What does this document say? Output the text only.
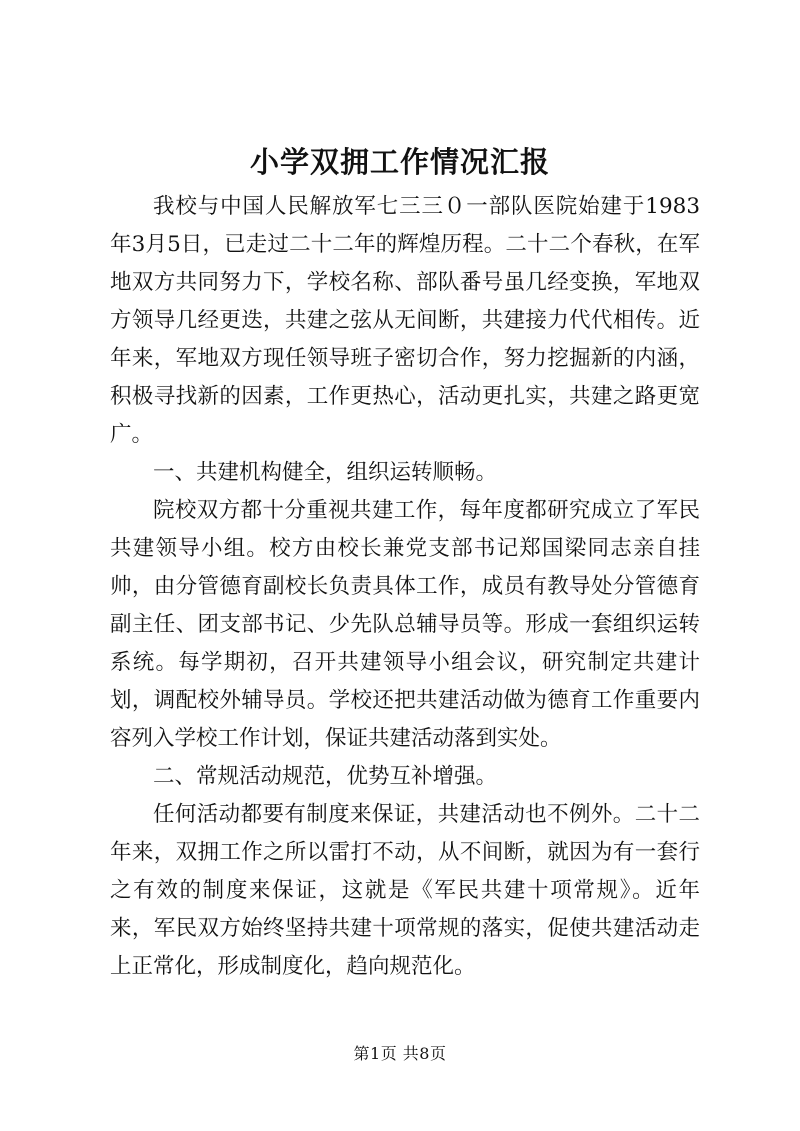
小学双拥工作情况汇报

我校与中国人民解放军七三三０一部队医院始建于1983年3月5日，已走过二十二年的辉煌历程。二十二个春秋，在军地双方共同努力下，学校名称、部队番号虽几经变换，军地双方领导几经更迭，共建之弦从无间断，共建接力代代相传。近年来，军地双方现任领导班子密切合作，努力挖掘新的内涵，积极寻找新的因素，工作更热心，活动更扎实，共建之路更宽广。

一、共建机构健全，组织运转顺畅。

院校双方都十分重视共建工作，每年度都研究成立了军民共建领导小组。校方由校长兼党支部书记郑国梁同志亲自挂帅，由分管德育副校长负责具体工作，成员有教导处分管德育副主任、团支部书记、少先队总辅导员等。形成一套组织运转系统。每学期初，召开共建领导小组会议，研究制定共建计划，调配校外辅导员。学校还把共建活动做为德育工作重要内容列入学校工作计划，保证共建活动落到实处。

二、常规活动规范，优势互补增强。

任何活动都要有制度来保证，共建活动也不例外。二十二年来，双拥工作之所以雷打不动，从不间断，就因为有一套行之有效的制度来保证，这就是《军民共建十项常规》。近年来，军民双方始终坚持共建十项常规的落实，促使共建活动走上正常化，形成制度化，趋向规范化。

第1页 共8页
